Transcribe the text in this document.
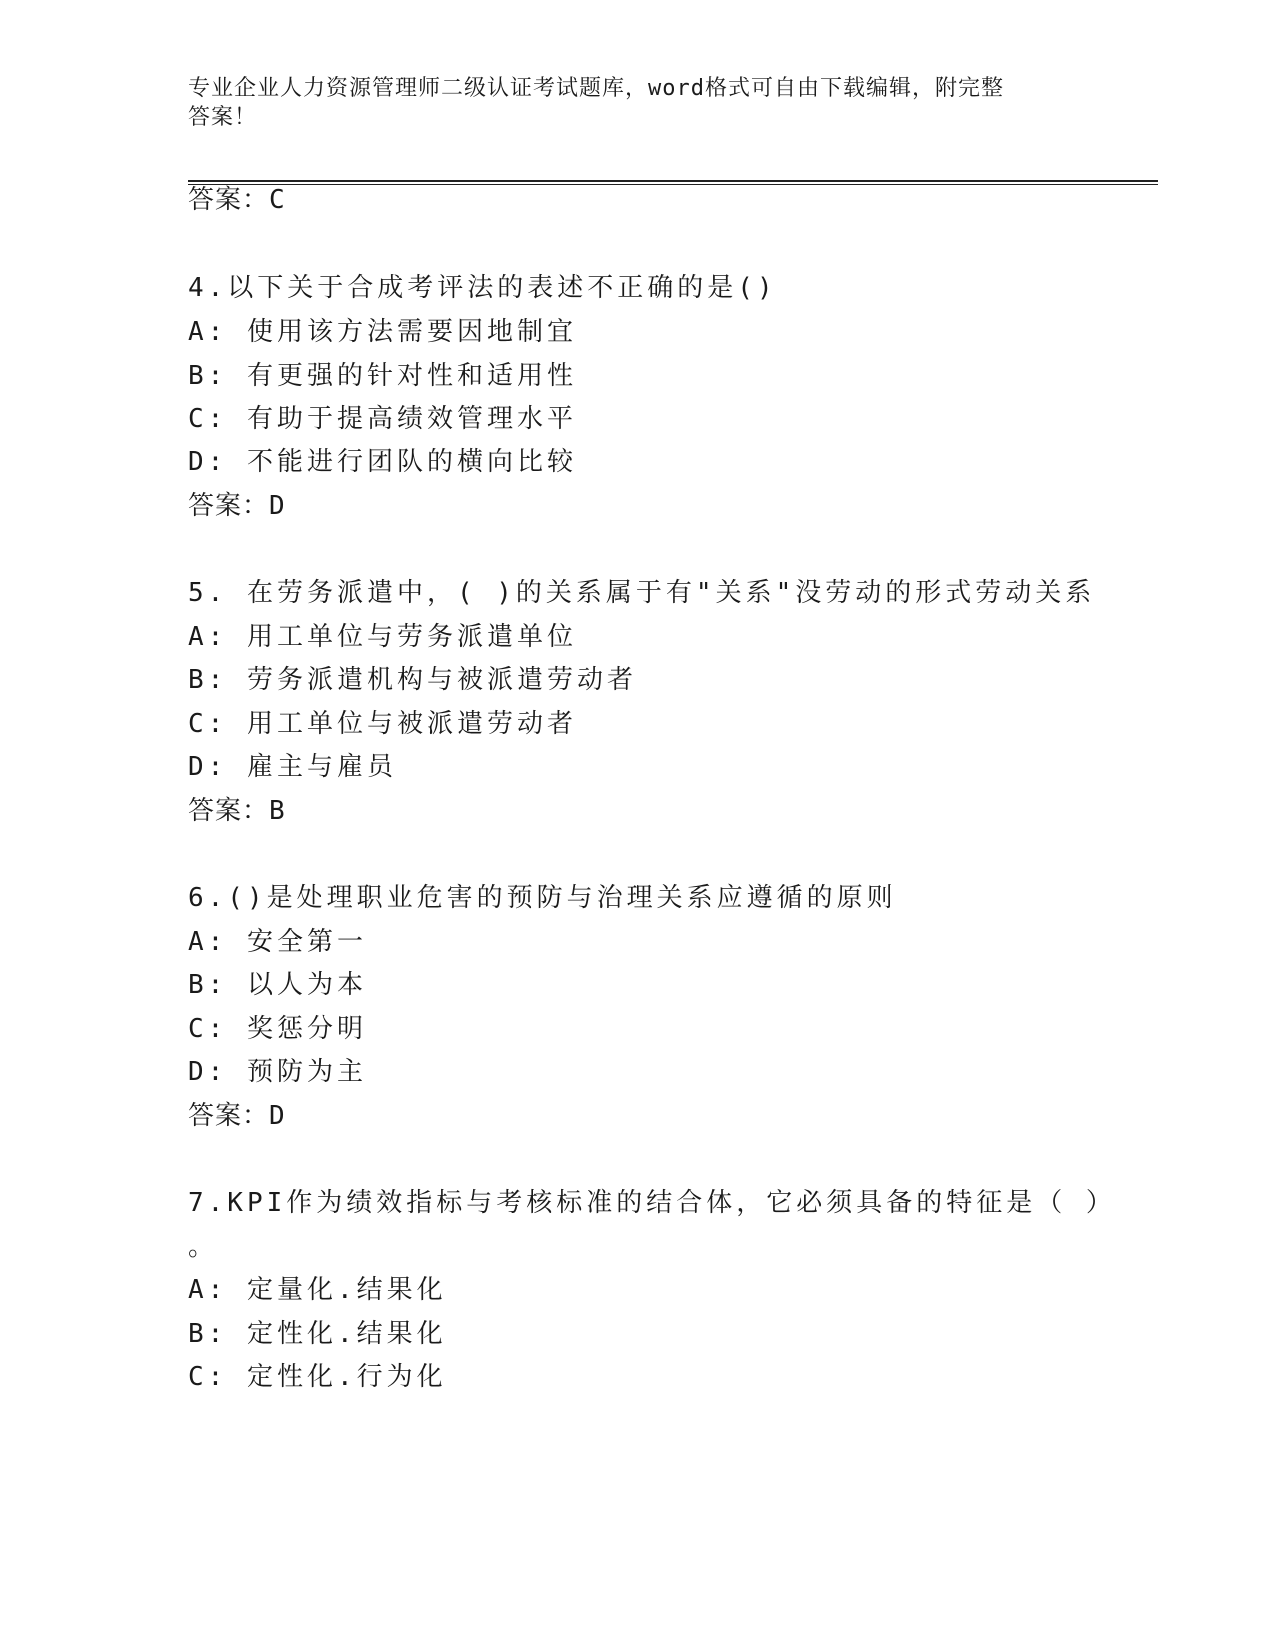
专业企业人力资源管理师二级认证考试题库，word格式可自由下载编辑，附完整
答案！
答案：C
4.以下关于合成考评法的表述不正确的是()
A: 使用该方法需要因地制宜
B: 有更强的针对性和适用性
C: 有助于提高绩效管理水平
D: 不能进行团队的横向比较
答案：D
5. 在劳务派遣中，( )的关系属于有"关系"没劳动的形式劳动关系
A: 用工单位与劳务派遣单位
B: 劳务派遣机构与被派遣劳动者
C: 用工单位与被派遣劳动者
D: 雇主与雇员
答案：B
6.()是处理职业危害的预防与治理关系应遵循的原则
A: 安全第一
B: 以人为本
C: 奖惩分明
D: 预防为主
答案：D
7.KPI作为绩效指标与考核标准的结合体，它必须具备的特征是（ ）
。
A: 定量化.结果化
B: 定性化.结果化
C: 定性化.行为化
